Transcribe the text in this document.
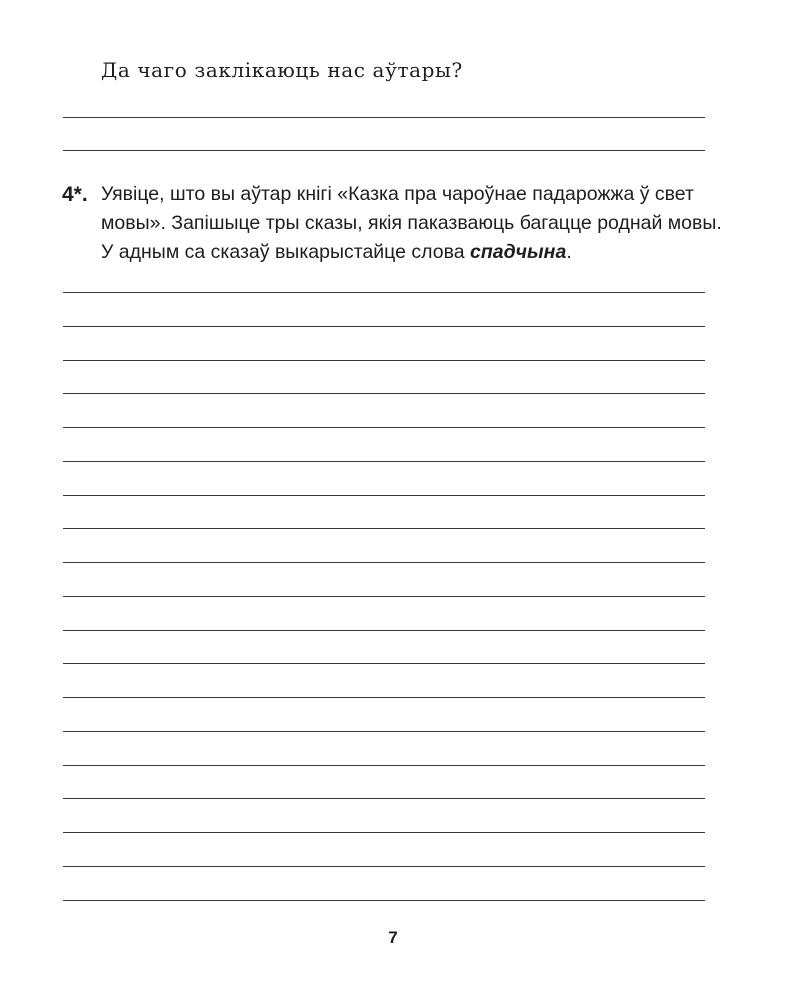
Да чаго заклікаюць нас аўтары?

4*. Уявіце, што вы аўтар кнігі «Казка пра чароўнае падарожжа ў свет
мовы». Запішыце тры сказы, якія паказваюць багацце роднай мовы.
У адным са сказаў выкарыстайце слова спадчына.

7
